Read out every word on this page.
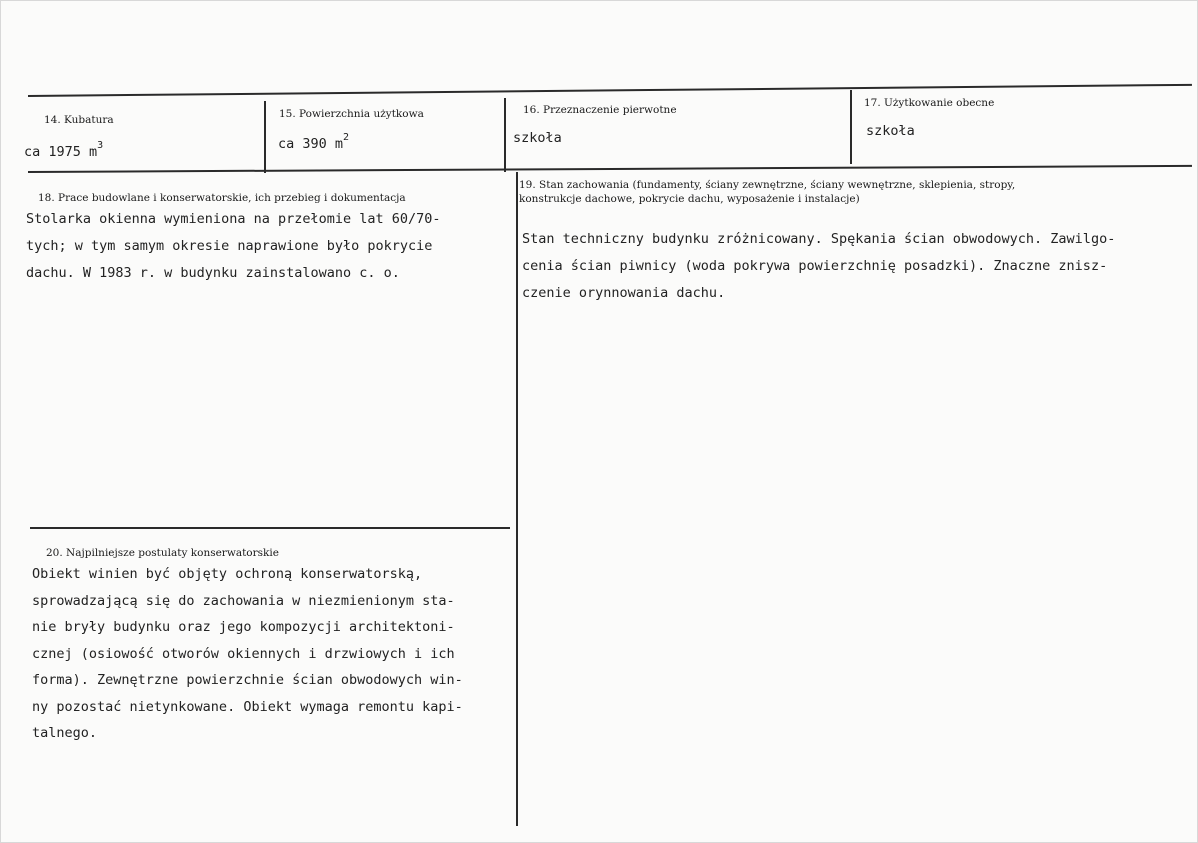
14. Kubatura
ca 1975 $m^3$
15. Powierzchnia użytkowa
ca 390 $m^2$
16. Przeznaczenie pierwotne
szkoła
17. Użytkowanie obecne
szkoła
18. Prace budowlane i konserwatorskie, ich przebieg i dokumentacja
Stolarka okienna wymieniona na przełomie lat 60/70-
tych; w tym samym okresie naprawione było pokrycie
dachu. W 1983 r. w budynku zainstalowano c. o.
19. Stan zachowania (fundamenty, ściany zewnętrzne, ściany wewnętrzne, sklepienia, stropy,
konstrukcje dachowe, pokrycie dachu, wyposażenie i instalacje)
Stan techniczny budynku zróżnicowany. Spękania ścian obwodowych. Zawilgo-
cenia ścian piwnicy (woda pokrywa powierzchnię posadzki). Znaczne znisz-
czenie orynnowania dachu.
20. Najpilniejsze postulaty konserwatorskie
Obiekt winien być objęty ochroną konserwatorską,
sprowadzającą się do zachowania w niezmienionym sta-
nie bryły budynku oraz jego kompozycji architektoni-
cznej (osiowość otworów okiennych i drzwiowych i ich
forma). Zewnętrzne powierzchnie ścian obwodowych win-
ny pozostać nietynkowane. Obiekt wymaga remontu kapi-
talnego.
